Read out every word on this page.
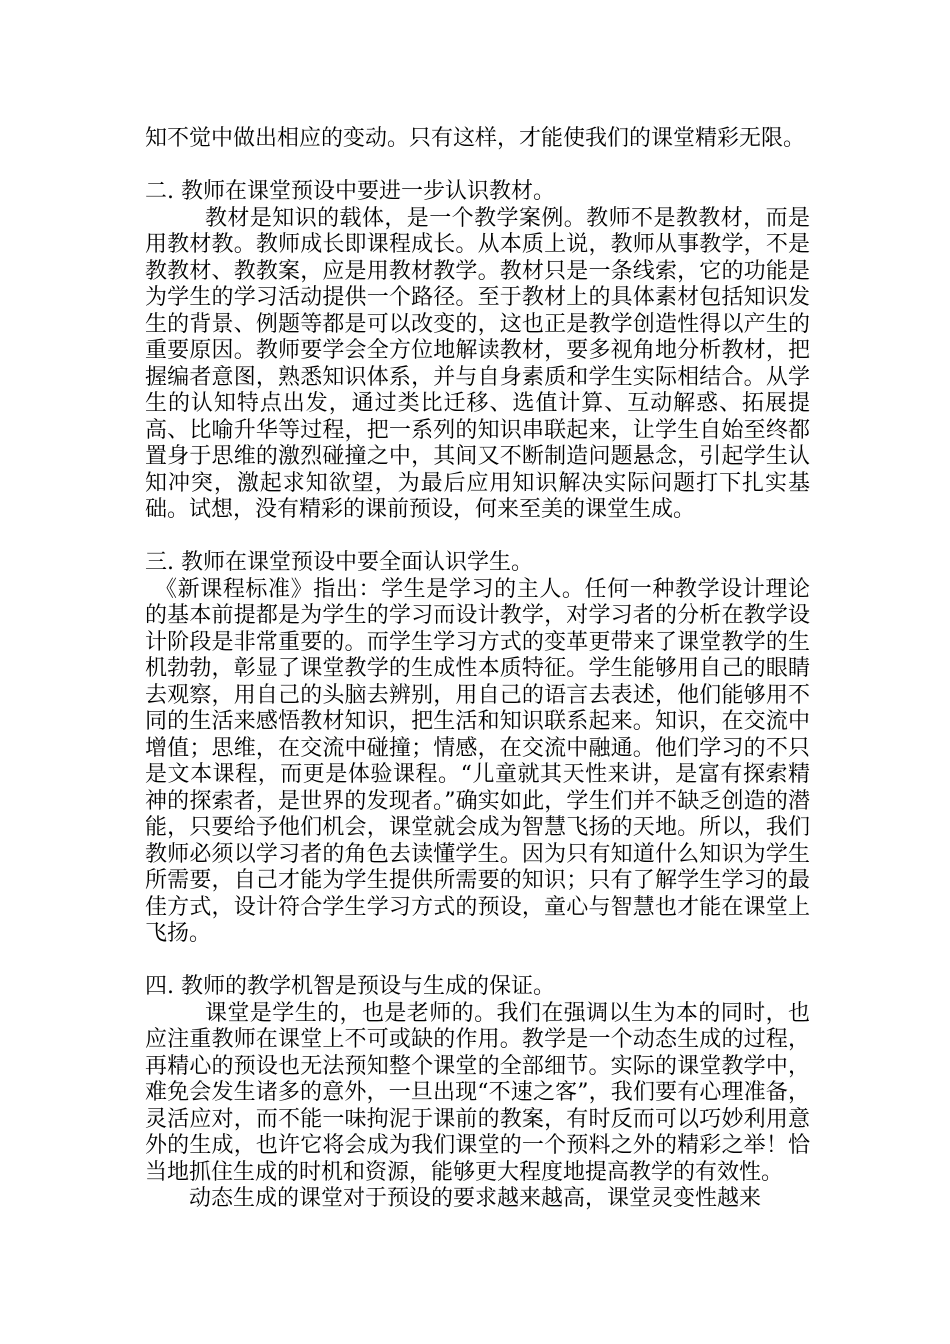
知不觉中做出相应的变动。只有这样，才能使我们的课堂精彩无限。

二. 教师在课堂预设中要进一步认识教材。

教材是知识的载体，是一个教学案例。教师不是教教材，而是用教材教。教师成长即课程成长。从本质上说，教师从事教学，不是教教材、教教案，应是用教材教学。教材只是一条线索，它的功能是为学生的学习活动提供一个路径。至于教材上的具体素材包括知识发生的背景、例题等都是可以改变的，这也正是教学创造性得以产生的重要原因。教师要学会全方位地解读教材，要多视角地分析教材，把握编者意图，熟悉知识体系，并与自身素质和学生实际相结合。从学生的认知特点出发，通过类比迁移、选值计算、互动解惑、拓展提高、比喻升华等过程，把一系列的知识串联起来，让学生自始至终都置身于思维的激烈碰撞之中，其间又不断制造问题悬念，引起学生认知冲突，激起求知欲望，为最后应用知识解决实际问题打下扎实基础。试想，没有精彩的课前预设，何来至美的课堂生成。

三. 教师在课堂预设中要全面认识学生。

《新课程标准》指出：学生是学习的主人。任何一种教学设计理论的基本前提都是为学生的学习而设计教学，对学习者的分析在教学设计阶段是非常重要的。而学生学习方式的变革更带来了课堂教学的生机勃勃，彰显了课堂教学的生成性本质特征。学生能够用自己的眼睛去观察，用自己的头脑去辨别，用自己的语言去表述，他们能够用不同的生活来感悟教材知识，把生活和知识联系起来。知识，在交流中增值；思维，在交流中碰撞；情感，在交流中融通。他们学习的不只是文本课程，而更是体验课程。“儿童就其天性来讲，是富有探索精神的探索者，是世界的发现者。”确实如此，学生们并不缺乏创造的潜能，只要给予他们机会，课堂就会成为智慧飞扬的天地。所以，我们教师必须以学习者的角色去读懂学生。因为只有知道什么知识为学生所需要，自己才能为学生提供所需要的知识；只有了解学生学习的最佳方式，设计符合学生学习方式的预设，童心与智慧也才能在课堂上飞扬。

四. 教师的教学机智是预设与生成的保证。

课堂是学生的，也是老师的。我们在强调以生为本的同时，也应注重教师在课堂上不可或缺的作用。教学是一个动态生成的过程，再精心的预设也无法预知整个课堂的全部细节。实际的课堂教学中，难免会发生诸多的意外，一旦出现“不速之客”，我们要有心理准备，灵活应对，而不能一味拘泥于课前的教案，有时反而可以巧妙利用意外的生成，也许它将会成为我们课堂的一个预料之外的精彩之举！恰当地抓住生成的时机和资源，能够更大程度地提高教学的有效性。

动态生成的课堂对于预设的要求越来越高，课堂灵变性越来
